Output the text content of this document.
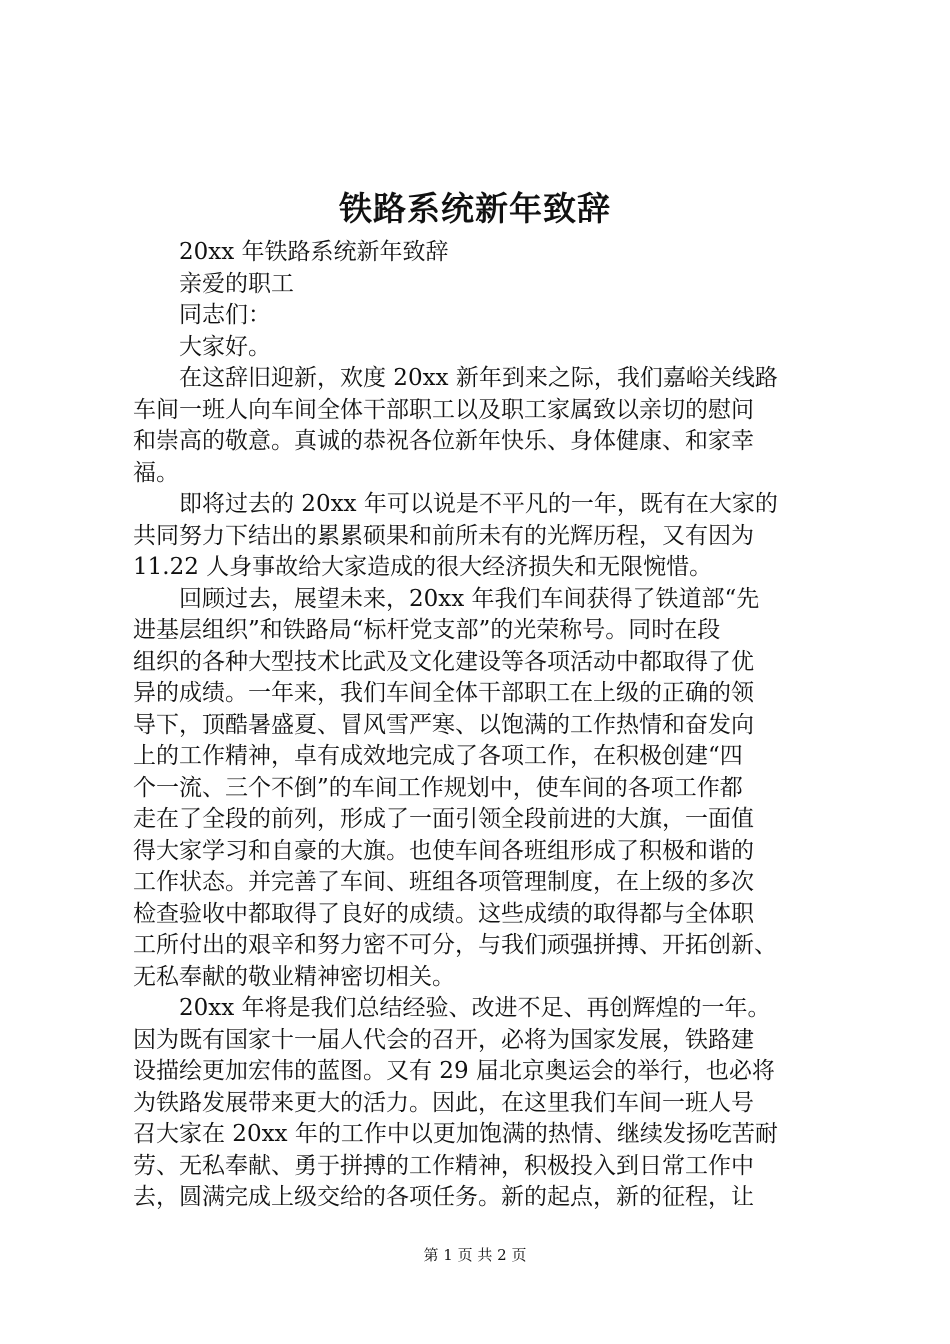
铁路系统新年致辞
20xx 年铁路系统新年致辞
亲爱的职工
同志们：
大家好。
在这辞旧迎新，欢度 20xx 新年到来之际，我们嘉峪关线路
车间一班人向车间全体干部职工以及职工家属致以亲切的慰问
和崇高的敬意。真诚的恭祝各位新年快乐、身体健康、和家幸
福。
即将过去的 20xx 年可以说是不平凡的一年，既有在大家的
共同努力下结出的累累硕果和前所未有的光辉历程，又有因为
11.22 人身事故给大家造成的很大经济损失和无限惋惜。
回顾过去，展望未来，20xx 年我们车间获得了铁道部“先
进基层组织”和铁路局“标杆党支部”的光荣称号。同时在段
组织的各种大型技术比武及文化建设等各项活动中都取得了优
异的成绩。一年来，我们车间全体干部职工在上级的正确的领
导下，顶酷暑盛夏、冒风雪严寒、以饱满的工作热情和奋发向
上的工作精神，卓有成效地完成了各项工作，在积极创建“四
个一流、三个不倒”的车间工作规划中，使车间的各项工作都
走在了全段的前列，形成了一面引领全段前进的大旗，一面值
得大家学习和自豪的大旗。也使车间各班组形成了积极和谐的
工作状态。并完善了车间、班组各项管理制度，在上级的多次
检查验收中都取得了良好的成绩。这些成绩的取得都与全体职
工所付出的艰辛和努力密不可分，与我们顽强拼搏、开拓创新、
无私奉献的敬业精神密切相关。
20xx 年将是我们总结经验、改进不足、再创辉煌的一年。
因为既有国家十一届人代会的召开，必将为国家发展，铁路建
设描绘更加宏伟的蓝图。又有 29 届北京奥运会的举行，也必将
为铁路发展带来更大的活力。因此，在这里我们车间一班人号
召大家在 20xx 年的工作中以更加饱满的热情、继续发扬吃苦耐
劳、无私奉献、勇于拼搏的工作精神，积极投入到日常工作中
去，圆满完成上级交给的各项任务。新的起点，新的征程，让
第 1 页 共 2 页
